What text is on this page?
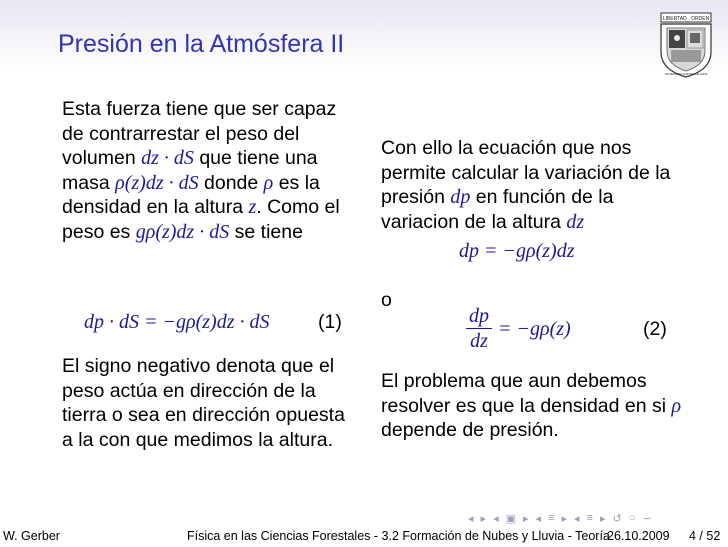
Presión en la Atmósfera II
LIBERTAD · ORDEN
UNIVERSIDAD AUSTRAL DE CHILE

Esta fuerza tiene que ser capaz de contrarrestar el peso del volumen dz · dS que tiene una masa ρ(z)dz · dS donde ρ es la densidad en la altura z. Como el peso es gρ(z)dz · dS se tiene

dp · dS = −gρ(z)dz · dS (1)

El signo negativo denota que el peso actúa en dirección de la tierra o sea en dirección opuesta a la con que medimos la altura.

Con ello la ecuación que nos permite calcular la variación de la presión dp en función de la variacion de la altura dz

dp = −gρ(z)dz
o
dp
dz
= −gρ(z)	(2)

El problema que aun debemos resolver es que la densidad en si ρ depende de presión.

◂ ▸ ◂ ▣ ▸ ◂ ≡ ▸ ◂ ≡ ▸ ↺ ○ ∽
W. Gerber	Física en las Ciencias Forestales - 3.2 Formación de Nubes y Lluvia - Teoría
26.10.2009 4 / 52
